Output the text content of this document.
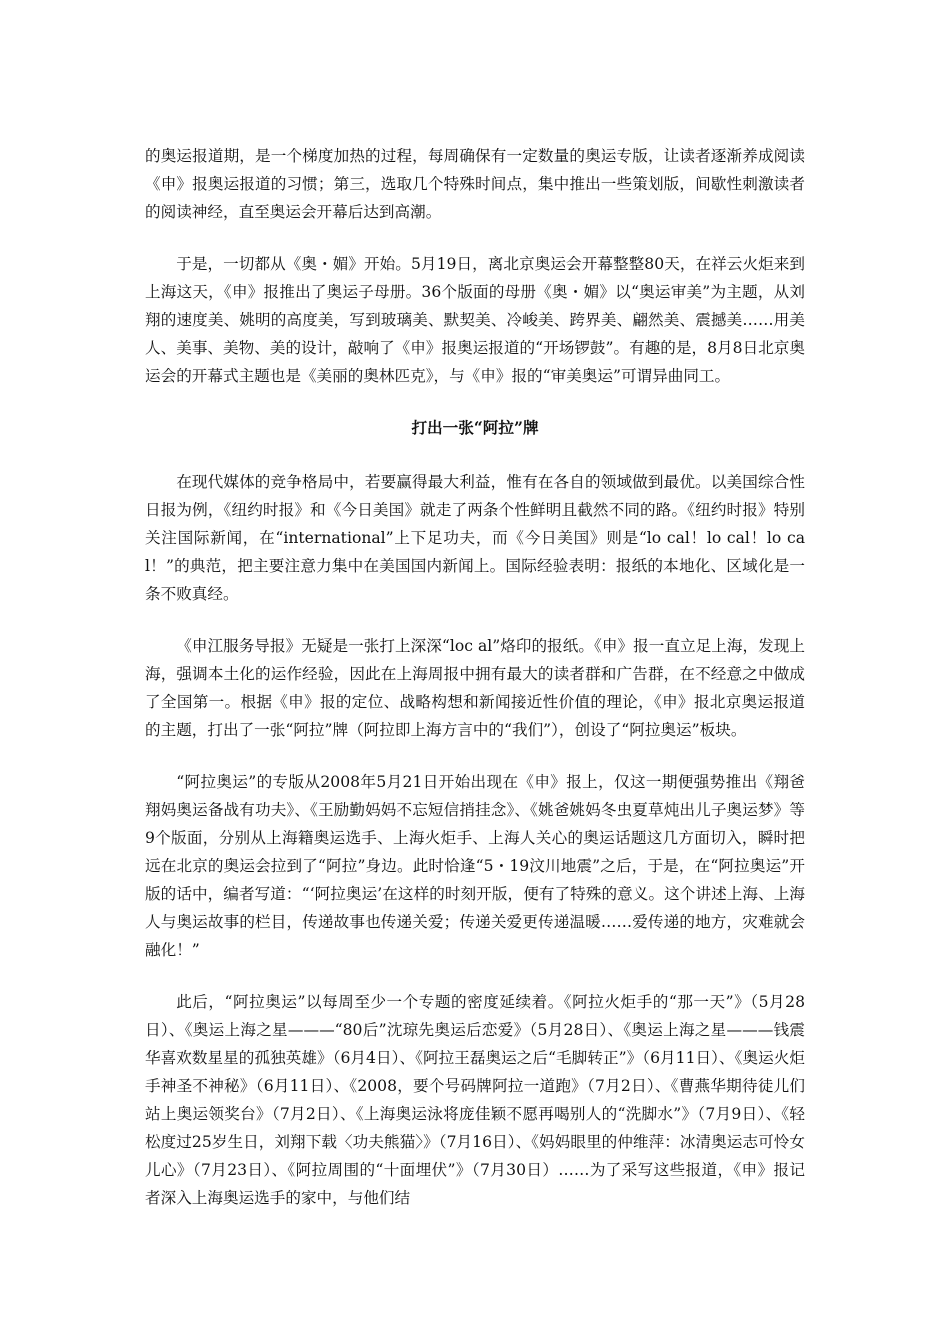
的奥运报道期，是一个梯度加热的过程，每周确保有一定数量的奥运专版，让读者逐渐养成阅读《申》报奥运报道的习惯；第三，选取几个特殊时间点，集中推出一些策划版，间歇性刺激读者的阅读神经，直至奥运会开幕后达到高潮。

于是，一切都从《奥・媚》开始。5月19日，离北京奥运会开幕整整80天，在祥云火炬来到上海这天，《申》报推出了奥运子母册。36个版面的母册《奥・媚》以“奥运审美”为主题，从刘翔的速度美、姚明的高度美，写到玻璃美、默契美、冷峻美、跨界美、翩然美、震撼美……用美人、美事、美物、美的设计，敲响了《申》报奥运报道的“开场锣鼓”。有趣的是，8月8日北京奥运会的开幕式主题也是《美丽的奥林匹克》，与《申》报的“审美奥运”可谓异曲同工。

打出一张“阿拉”牌

在现代媒体的竞争格局中，若要赢得最大利益，惟有在各自的领域做到最优。以美国综合性日报为例，《纽约时报》和《今日美国》就走了两条个性鲜明且截然不同的路。《纽约时报》特别关注国际新闻，在“international”上下足功夫，而《今日美国》则是“lo cal！lo cal！lo cal！”的典范，把主要注意力集中在美国国内新闻上。国际经验表明：报纸的本地化、区域化是一条不败真经。

《申江服务导报》无疑是一张打上深深“loc al”烙印的报纸。《申》报一直立足上海，发现上海，强调本土化的运作经验，因此在上海周报中拥有最大的读者群和广告群，在不经意之中做成了全国第一。根据《申》报的定位、战略构想和新闻接近性价值的理论，《申》报北京奥运报道的主题，打出了一张“阿拉”牌（阿拉即上海方言中的“我们”），创设了“阿拉奥运”板块。

“阿拉奥运”的专版从2008年5月21日开始出现在《申》报上，仅这一期便强势推出《翔爸翔妈奥运备战有功夫》、《王励勤妈妈不忘短信捎挂念》、《姚爸姚妈冬虫夏草炖出儿子奥运梦》等9个版面，分别从上海籍奥运选手、上海火炬手、上海人关心的奥运话题这几方面切入，瞬时把远在北京的奥运会拉到了“阿拉”身边。此时恰逢“5・19汶川地震”之后，于是，在“阿拉奥运”开版的话中，编者写道：“‘阿拉奥运’在这样的时刻开版，便有了特殊的意义。这个讲述上海、上海人与奥运故事的栏目，传递故事也传递关爱；传递关爱更传递温暖……爱传递的地方，灾难就会融化！”

此后，“阿拉奥运”以每周至少一个专题的密度延续着。《阿拉火炬手的“那一天”》（5月28日）、《奥运上海之星———“80后”沈琼先奥运后恋爱》（5月28日）、《奥运上海之星———钱震华喜欢数星星的孤独英雄》（6月4日）、《阿拉王磊奥运之后“毛脚转正”》（6月11日）、《奥运火炬手神圣不神秘》（6月11日）、《2008，要个号码牌阿拉一道跑》（7月2日）、《曹燕华期待徒儿们站上奥运领奖台》（7月2日）、《上海奥运泳将庞佳颖不愿再喝别人的“洗脚水”》（7月9日）、《轻松度过25岁生日，刘翔下载〈功夫熊猫〉》（7月16日）、《妈妈眼里的仲维萍：冰清奥运志可怜女儿心》（7月23日）、《阿拉周围的“十面埋伏”》（7月30日）……为了采写这些报道，《申》报记者深入上海奥运选手的家中，与他们结
